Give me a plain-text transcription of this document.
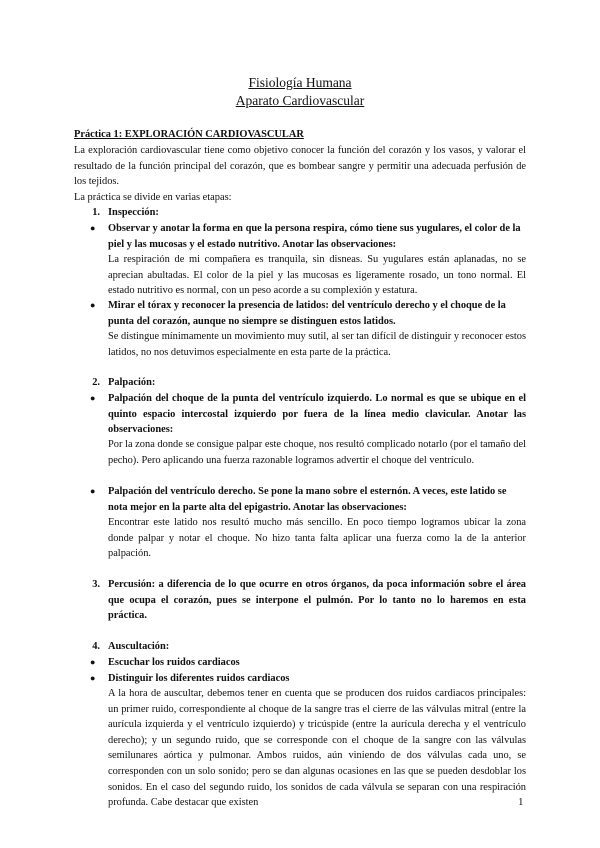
Fisiología Humana
Aparato Cardiovascular
Práctica 1: EXPLORACIÓN CARDIOVASCULAR
La exploración cardiovascular tiene como objetivo conocer la función del corazón y los vasos, y valorar el resultado de la función principal del corazón, que es bombear sangre y permitir una adecuada perfusión de los tejidos.
La práctica se divide en varias etapas:
1. Inspección:
●	Observar y anotar la forma en que la persona respira, cómo tiene sus yugulares, el color de la piel y las mucosas y el estado nutritivo. Anotar las observaciones:
La respiración de mi compañera es tranquila, sin disneas. Su yugulares están aplanadas, no se aprecian abultadas. El color de la piel y las mucosas es ligeramente rosado, un tono normal. El estado nutritivo es normal, con un peso acorde a su complexión y estatura.
●	Mirar el tórax y reconocer la presencia de latidos: del ventrículo derecho y el choque de la punta del corazón, aunque no siempre se distinguen estos latidos.
Se distingue mínimamente un movimiento muy sutil, al ser tan difícil de distinguir y reconocer estos latidos, no nos detuvimos especialmente en esta parte de la práctica.
2. Palpación:
●	Palpación del choque de la punta del ventrículo izquierdo. Lo normal es que se ubique en el quinto espacio intercostal izquierdo por fuera de la línea medio clavicular. Anotar las observaciones:
Por la zona donde se consigue palpar este choque, nos resultó complicado notarlo (por el tamaño del pecho). Pero aplicando una fuerza razonable logramos advertir el choque del ventrículo.
●	Palpación del ventrículo derecho. Se pone la mano sobre el esternón. A veces, este latido se nota mejor en la parte alta del epigastrio. Anotar las observaciones:
Encontrar este latido nos resultó mucho más sencillo. En poco tiempo logramos ubicar la zona donde palpar y notar el choque. No hizo tanta falta aplicar una fuerza como la de la anterior palpación.
3. Percusión: a diferencia de lo que ocurre en otros órganos, da poca información sobre el área que ocupa el corazón, pues se interpone el pulmón. Por lo tanto no lo haremos en esta práctica.
4. Auscultación:
●	Escuchar los ruidos cardiacos
●	Distinguir los diferentes ruidos cardiacos
A la hora de auscultar, debemos tener en cuenta que se producen dos ruidos cardiacos principales: un primer ruido, correspondiente al choque de la sangre tras el cierre de las válvulas mitral (entre la aurícula izquierda y el ventrículo izquierdo) y tricúspide (entre la aurícula derecha y el ventrículo derecho); y un segundo ruido, que se corresponde con el choque de la sangre con las válvulas semilunares aórtica y pulmonar. Ambos ruidos, aún viniendo de dos válvulas cada uno, se corresponden con un solo sonido; pero se dan algunas ocasiones en las que se pueden desdoblar los sonidos. En el caso del segundo ruido, los sonidos de cada válvula se separan con una respiración profunda. Cabe destacar que existen	1
